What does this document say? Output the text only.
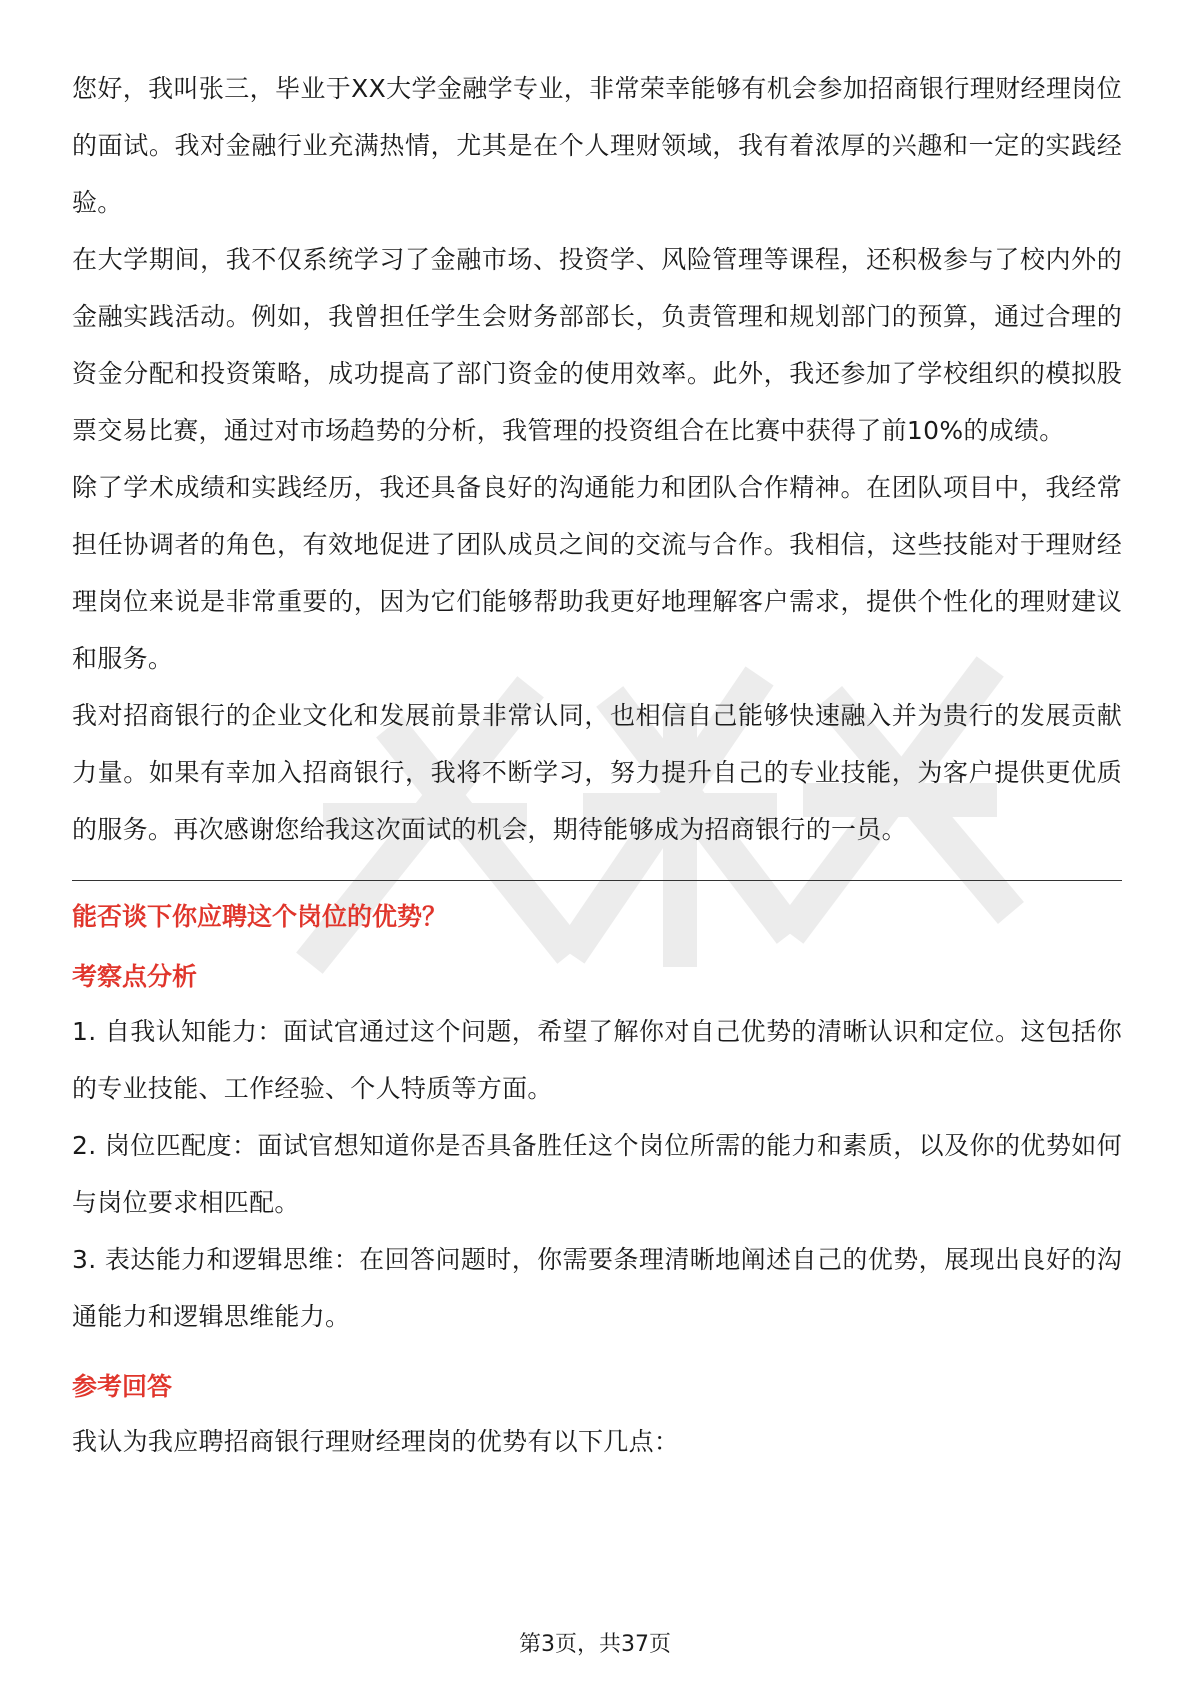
您好，我叫张三，毕业于XX大学金融学专业，非常荣幸能够有机会参加招商银行理财经理岗位的面试。我对金融行业充满热情，尤其是在个人理财领域，我有着浓厚的兴趣和一定的实践经验。

在大学期间，我不仅系统学习了金融市场、投资学、风险管理等课程，还积极参与了校内外的金融实践活动。例如，我曾担任学生会财务部部长，负责管理和规划部门的预算，通过合理的资金分配和投资策略，成功提高了部门资金的使用效率。此外，我还参加了学校组织的模拟股票交易比赛，通过对市场趋势的分析，我管理的投资组合在比赛中获得了前10%的成绩。

除了学术成绩和实践经历，我还具备良好的沟通能力和团队合作精神。在团队项目中，我经常担任协调者的角色，有效地促进了团队成员之间的交流与合作。我相信，这些技能对于理财经理岗位来说是非常重要的，因为它们能够帮助我更好地理解客户需求，提供个性化的理财建议和服务。

我对招商银行的企业文化和发展前景非常认同，也相信自己能够快速融入并为贵行的发展贡献力量。如果有幸加入招商银行，我将不断学习，努力提升自己的专业技能，为客户提供更优质的服务。再次感谢您给我这次面试的机会，期待能够成为招商银行的一员。

能否谈下你应聘这个岗位的优势？
考察点分析

1. 自我认知能力：面试官通过这个问题，希望了解你对自己优势的清晰认识和定位。这包括你的专业技能、工作经验、个人特质等方面。

2. 岗位匹配度：面试官想知道你是否具备胜任这个岗位所需的能力和素质，以及你的优势如何与岗位要求相匹配。

3. 表达能力和逻辑思维：在回答问题时，你需要条理清晰地阐述自己的优势，展现出良好的沟通能力和逻辑思维能力。

参考回答

我认为我应聘招商银行理财经理岗的优势有以下几点：

第3页，共37页
